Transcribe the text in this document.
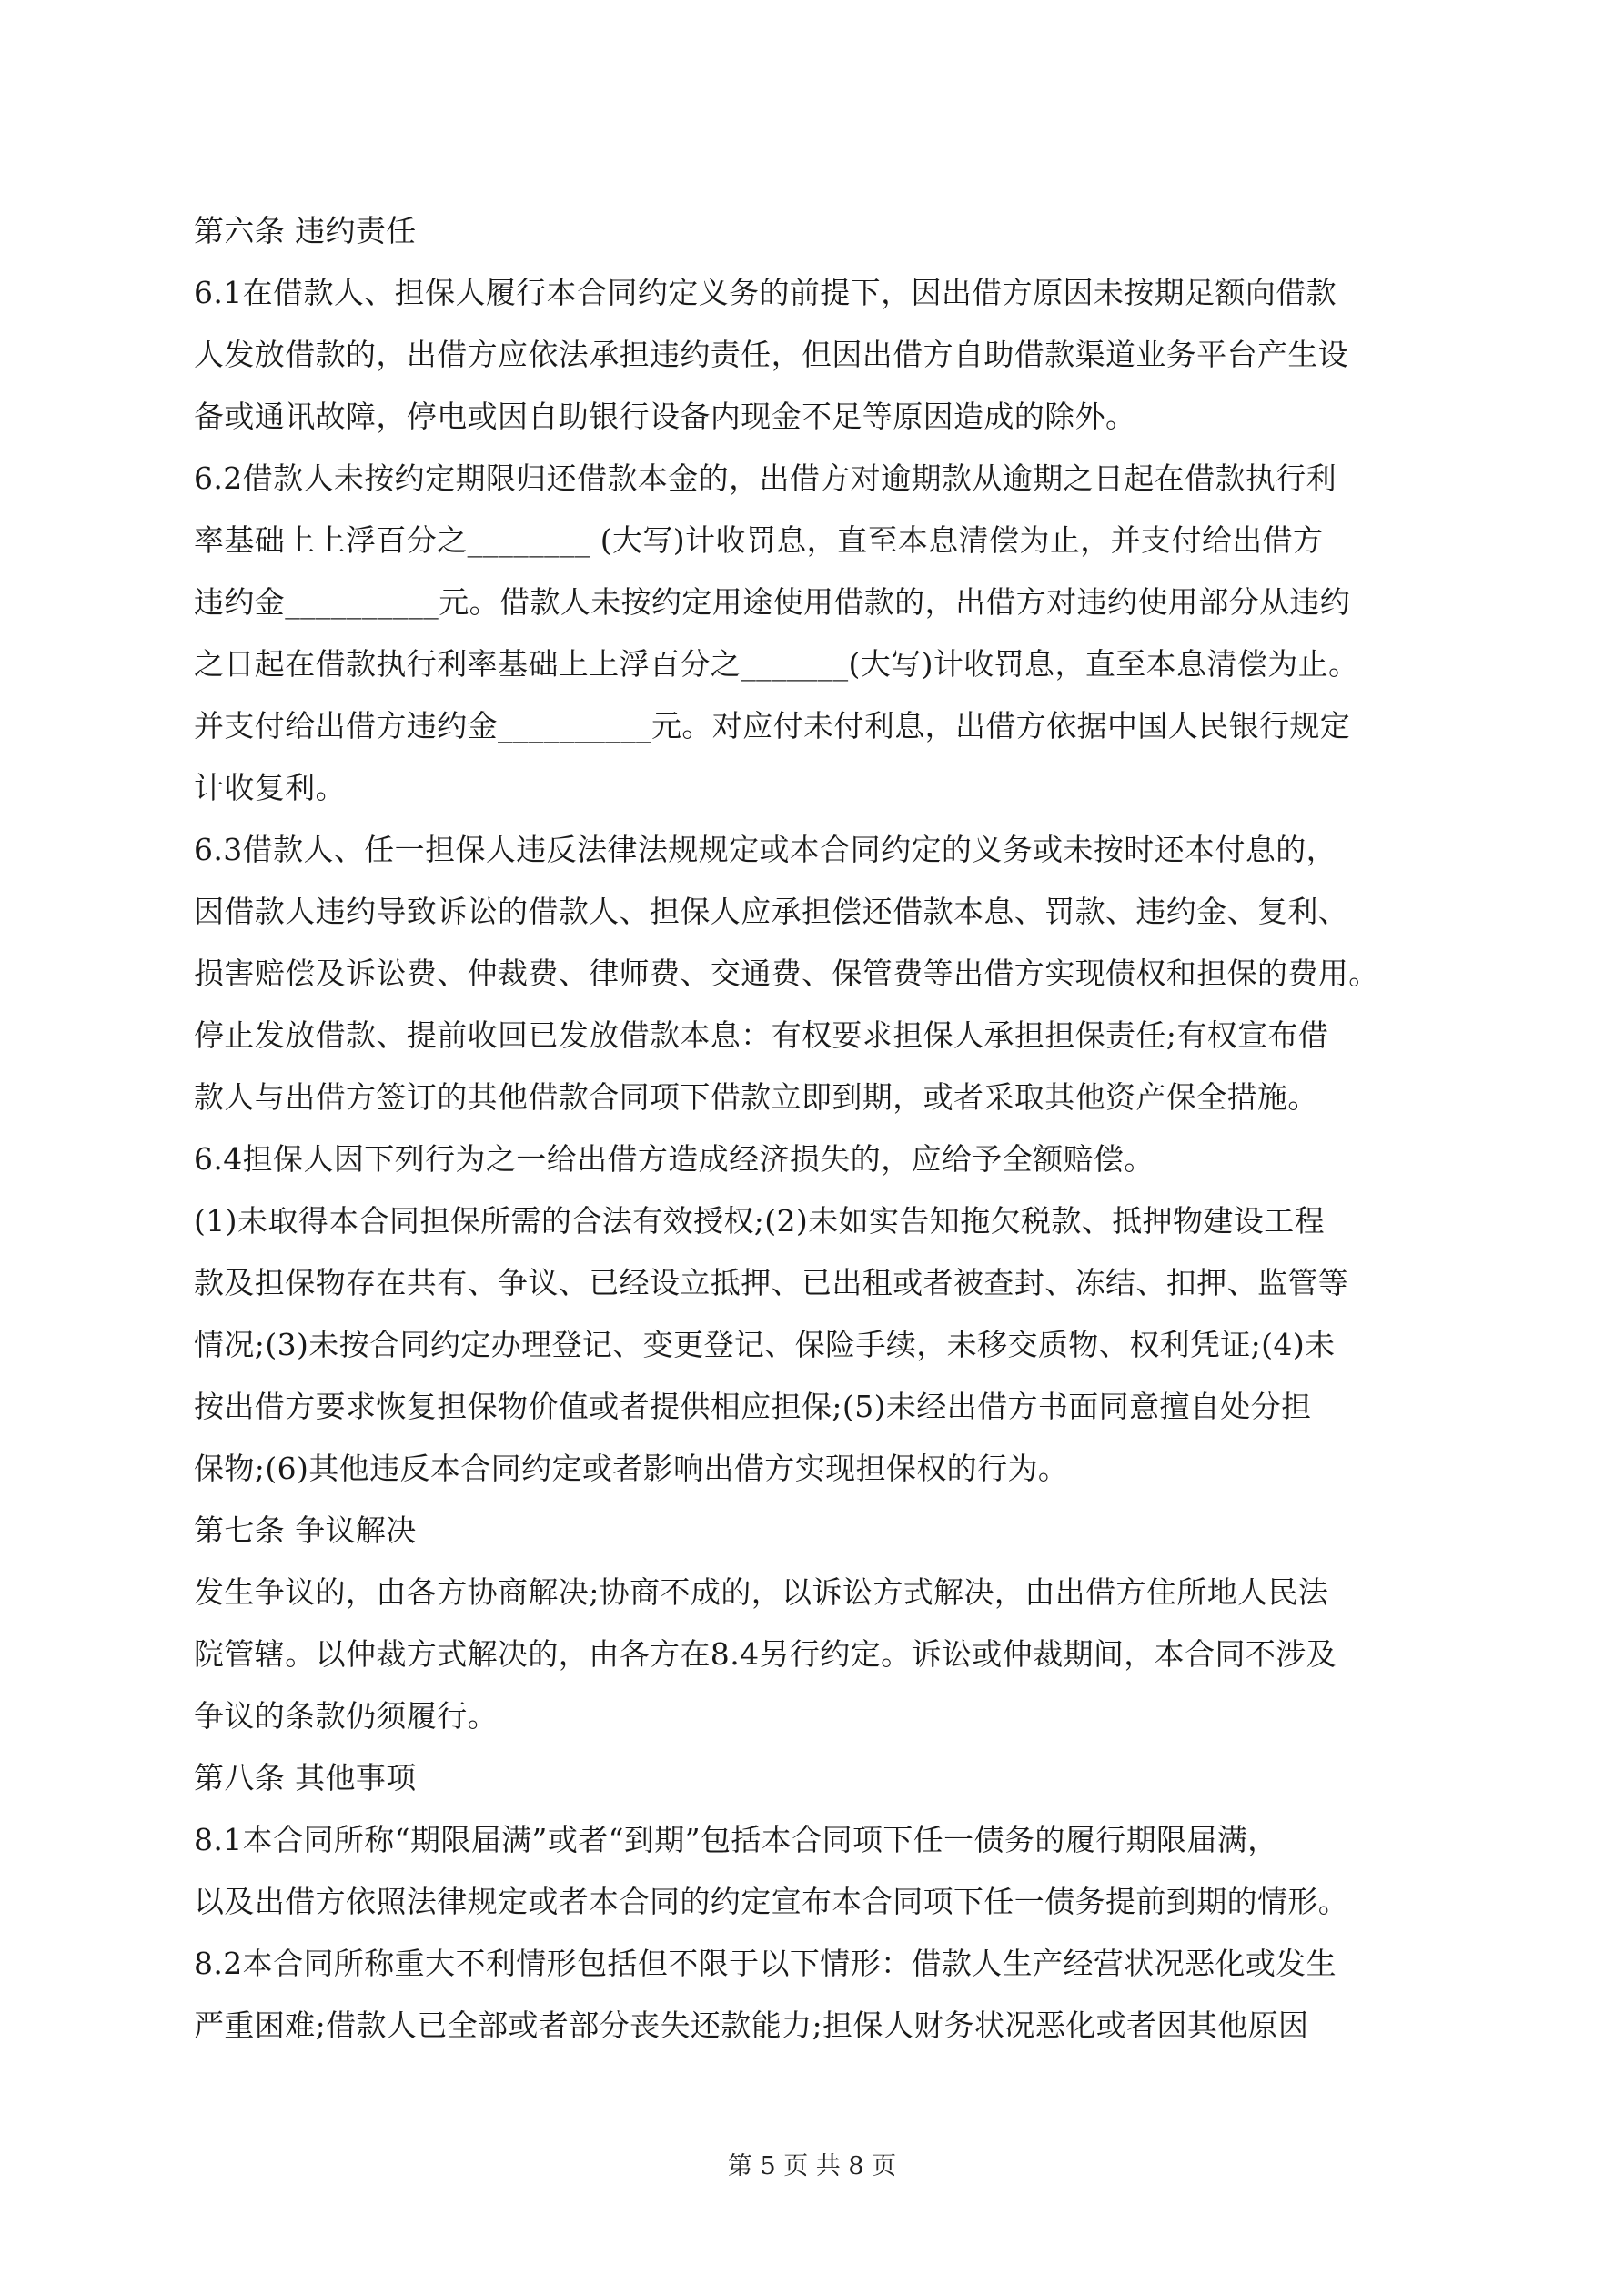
第六条 违约责任
6.1在借款人、担保人履行本合同约定义务的前提下，因出借方原因未按期足额向借款
人发放借款的，出借方应依法承担违约责任，但因出借方自助借款渠道业务平台产生设
备或通讯故障，停电或因自助银行设备内现金不足等原因造成的除外。
6.2借款人未按约定期限归还借款本金的，出借方对逾期款从逾期之日起在借款执行利
率基础上上浮百分之________ (大写)计收罚息，直至本息清偿为止，并支付给出借方
违约金__________元。借款人未按约定用途使用借款的，出借方对违约使用部分从违约
之日起在借款执行利率基础上上浮百分之_______(大写)计收罚息，直至本息清偿为止。
并支付给出借方违约金__________元。对应付未付利息，出借方依据中国人民银行规定
计收复利。
6.3借款人、任一担保人违反法律法规规定或本合同约定的义务或未按时还本付息的，
因借款人违约导致诉讼的借款人、担保人应承担偿还借款本息、罚款、违约金、复利、
损害赔偿及诉讼费、仲裁费、律师费、交通费、保管费等出借方实现债权和担保的费用。
停止发放借款、提前收回已发放借款本息：有权要求担保人承担担保责任;有权宣布借
款人与出借方签订的其他借款合同项下借款立即到期，或者采取其他资产保全措施。
6.4担保人因下列行为之一给出借方造成经济损失的，应给予全额赔偿。
(1)未取得本合同担保所需的合法有效授权;(2)未如实告知拖欠税款、抵押物建设工程
款及担保物存在共有、争议、已经设立抵押、已出租或者被查封、冻结、扣押、监管等
情况;(3)未按合同约定办理登记、变更登记、保险手续，未移交质物、权利凭证;(4)未
按出借方要求恢复担保物价值或者提供相应担保;(5)未经出借方书面同意擅自处分担
保物;(6)其他违反本合同约定或者影响出借方实现担保权的行为。
第七条 争议解决
发生争议的，由各方协商解决;协商不成的，以诉讼方式解决，由出借方住所地人民法
院管辖。以仲裁方式解决的，由各方在8.4另行约定。诉讼或仲裁期间，本合同不涉及
争议的条款仍须履行。
第八条 其他事项
8.1本合同所称“期限届满”或者“到期”包括本合同项下任一债务的履行期限届满，
以及出借方依照法律规定或者本合同的约定宣布本合同项下任一债务提前到期的情形。
8.2本合同所称重大不利情形包括但不限于以下情形：借款人生产经营状况恶化或发生
严重困难;借款人已全部或者部分丧失还款能力;担保人财务状况恶化或者因其他原因
第 5 页 共 8 页
